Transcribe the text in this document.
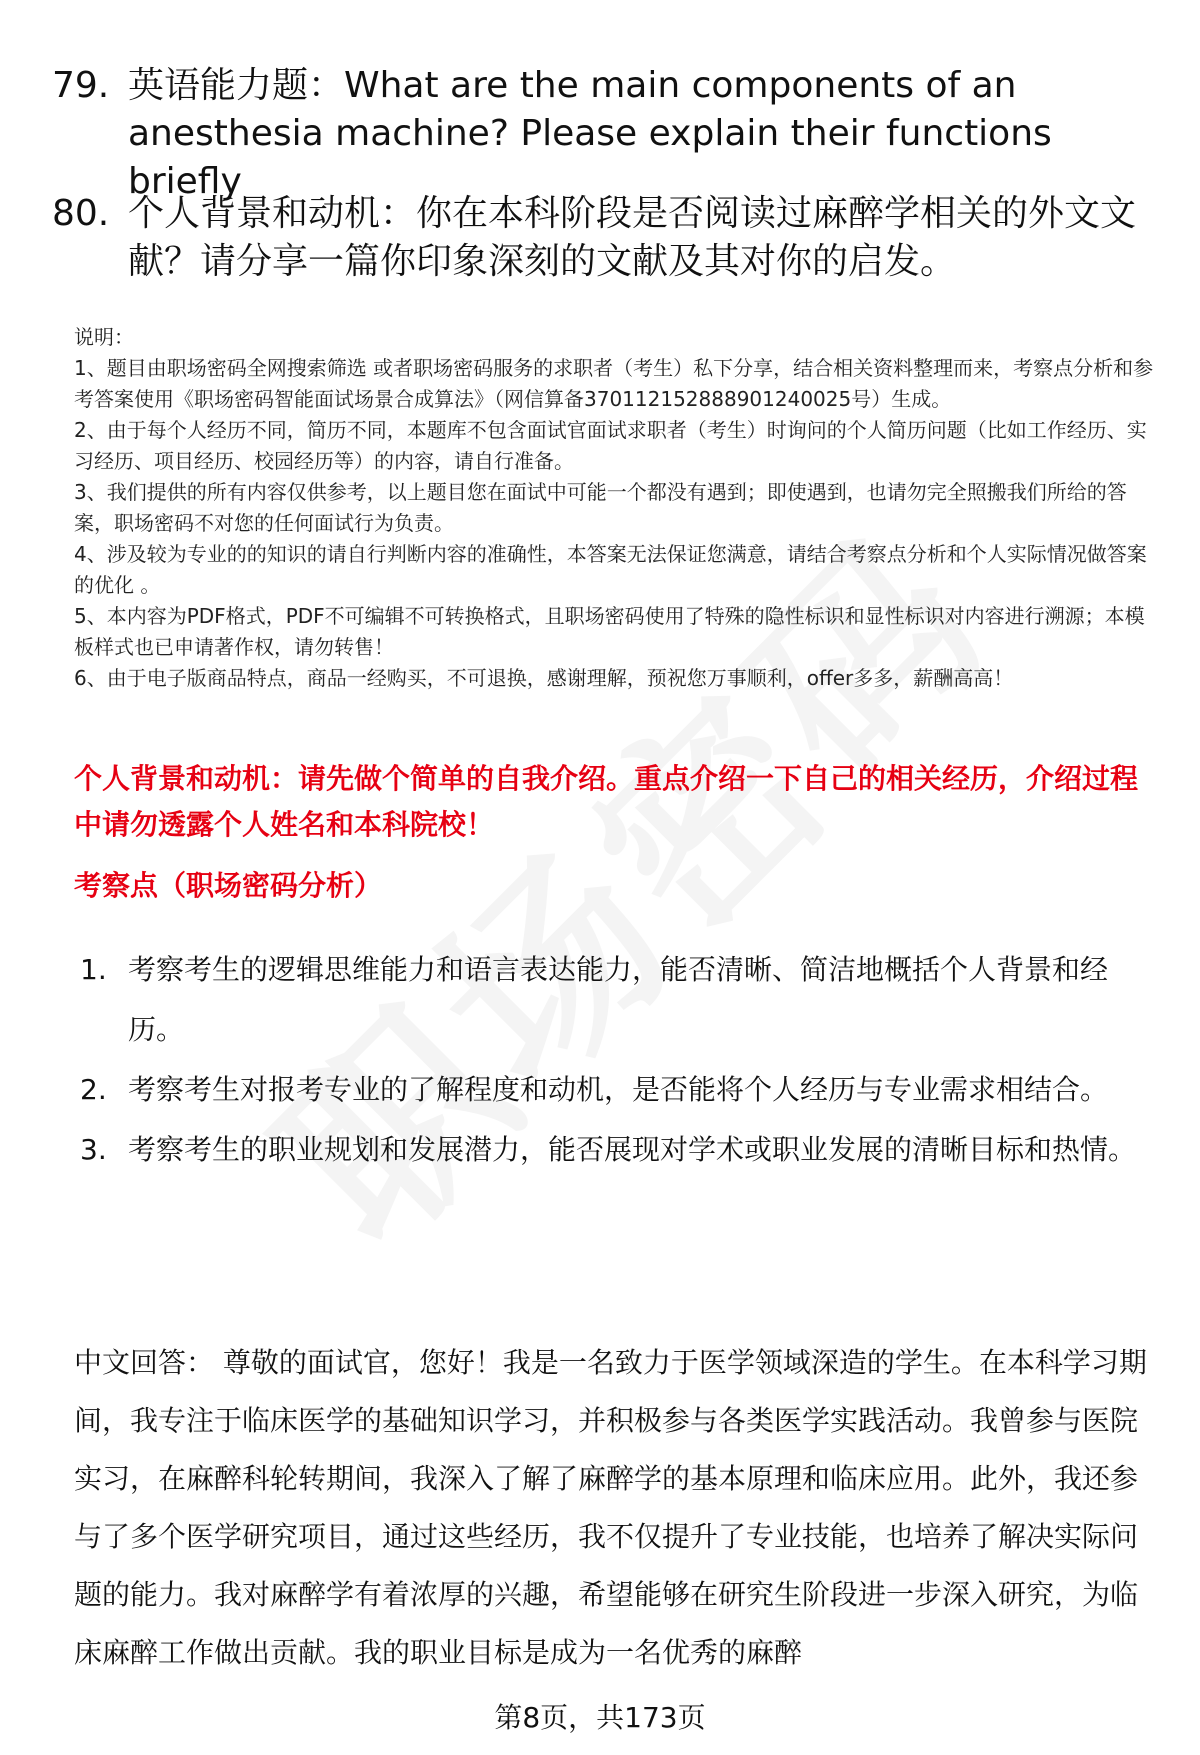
79. 英语能力题：What are the main components of an anesthesia machine? Please explain their functions briefly
80. 个人背景和动机：你在本科阶段是否阅读过麻醉学相关的外文文献？请分享一篇你印象深刻的文献及其对你的启发。

说明：

1、题目由职场密码全网搜索筛选 或者职场密码服务的求职者（考生）私下分享，结合相关资料整理而来，考察点分析和参考答案使用《职场密码智能面试场景合成算法》（网信算备370112152888901240025号）生成。

2、由于每个人经历不同，简历不同，本题库不包含面试官面试求职者（考生）时询问的个人简历问题（比如工作经历、实习经历、项目经历、校园经历等）的内容，请自行准备。

3、我们提供的所有内容仅供参考，以上题目您在面试中可能一个都没有遇到；即使遇到，也请勿完全照搬我们所给的答案，职场密码不对您的任何面试行为负责。

4、涉及较为专业的的知识的请自行判断内容的准确性，本答案无法保证您满意，请结合考察点分析和个人实际情况做答案的优化 。

5、本内容为PDF格式，PDF不可编辑不可转换格式，且职场密码使用了特殊的隐性标识和显性标识对内容进行溯源；本模板样式也已申请著作权，请勿转售！

6、由于电子版商品特点，商品一经购买，不可退换，感谢理解，预祝您万事顺利，offer多多，薪酬高高！

个人背景和动机：请先做个简单的自我介绍。重点介绍一下自己的相关经历，介绍过程中请勿透露个人姓名和本科院校！
考察点（职场密码分析）
1. 考察考生的逻辑思维能力和语言表达能力，能否清晰、简洁地概括个人背景和经历。
2. 考察考生对报考专业的了解程度和动机，是否能将个人经历与专业需求相结合。
3. 考察考生的职业规划和发展潜力，能否展现对学术或职业发展的清晰目标和热情。
中文回答： 尊敬的面试官，您好！我是一名致力于医学领域深造的学生。在本科学习期间，我专注于临床医学的基础知识学习，并积极参与各类医学实践活动。我曾参与医院实习，在麻醉科轮转期间，我深入了解了麻醉学的基本原理和临床应用。此外，我还参与了多个医学研究项目，通过这些经历，我不仅提升了专业技能，也培养了解决实际问题的能力。我对麻醉学有着浓厚的兴趣，希望能够在研究生阶段进一步深入研究，为临床麻醉工作做出贡献。我的职业目标是成为一名优秀的麻醉
第8页，共173页
